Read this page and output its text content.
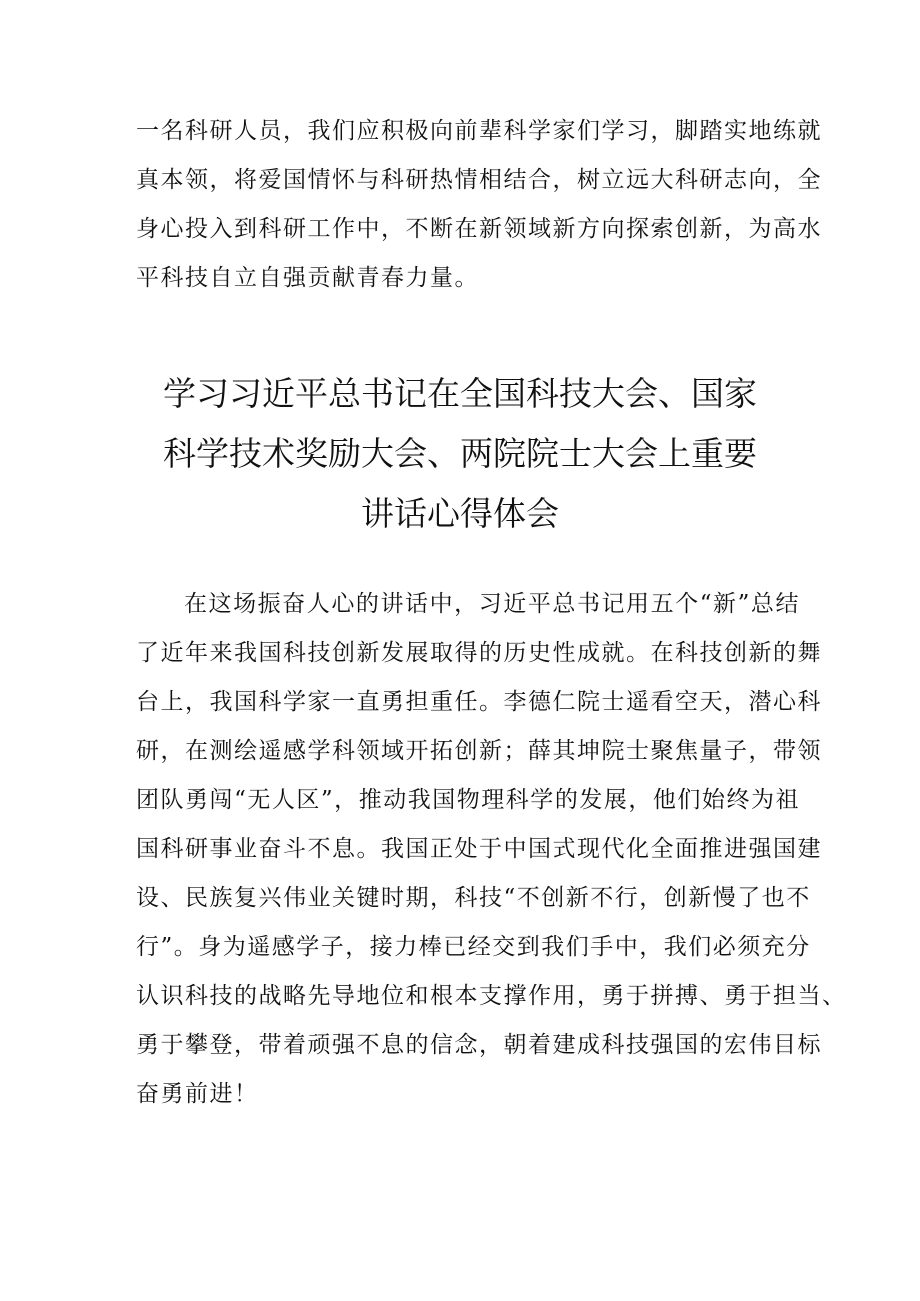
一名科研人员，我们应积极向前辈科学家们学习，脚踏实地练就
真本领，将爱国情怀与科研热情相结合，树立远大科研志向，全
身心投入到科研工作中，不断在新领域新方向探索创新，为高水
平科技自立自强贡献青春力量。
学习习近平总书记在全国科技大会、国家
科学技术奖励大会、两院院士大会上重要
讲话心得体会
在这场振奋人心的讲话中，习近平总书记用五个“新”总结
了近年来我国科技创新发展取得的历史性成就。在科技创新的舞
台上，我国科学家一直勇担重任。李德仁院士遥看空天，潜心科
研，在测绘遥感学科领域开拓创新；薛其坤院士聚焦量子，带领
团队勇闯“无人区”，推动我国物理科学的发展，他们始终为祖
国科研事业奋斗不息。我国正处于中国式现代化全面推进强国建
设、民族复兴伟业关键时期，科技“不创新不行，创新慢了也不
行”。身为遥感学子，接力棒已经交到我们手中，我们必须充分
认识科技的战略先导地位和根本支撑作用，勇于拼搏、勇于担当、
勇于攀登，带着顽强不息的信念，朝着建成科技强国的宏伟目标
奋勇前进！
